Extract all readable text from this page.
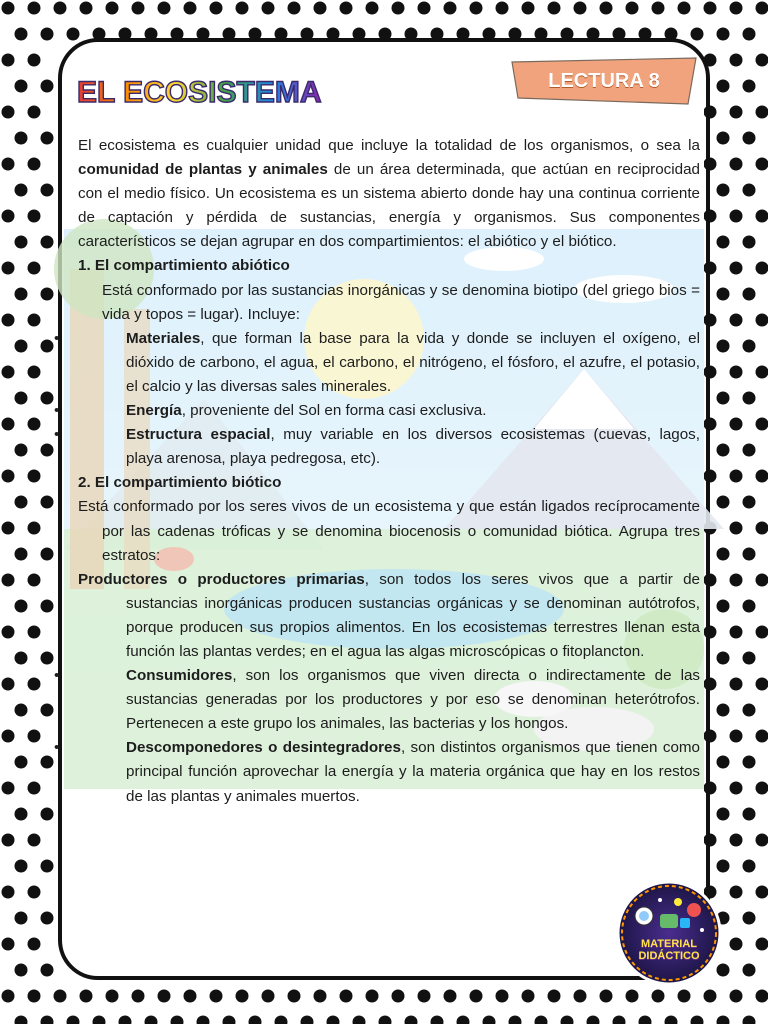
EL ECOSISTEMA	LECTURA 8

El ecosistema es cualquier unidad que incluye la totalidad de los organismos, o sea la comunidad de plantas y animales de un área determinada, que actúan en reciprocidad con el medio físico. Un ecosistema es un sistema abierto donde hay una continua corriente de captación y pérdida de sustancias, energía y organismos. Sus componentes característicos se dejan agrupar en dos compartimientos: el abiótico y el biótico.

1. El compartimiento abiótico

Está conformado por las sustancias inorgánicas y se denomina biotipo (del griego bios = vida y topos = lugar). Incluye:

•	Materiales, que forman la base para la vida y donde se incluyen el oxígeno, el dióxido de carbono, el agua, el carbono, el nitrógeno, el fósforo, el azufre, el potasio, el calcio y las diversas sales minerales.
•	Energía, proveniente del Sol en forma casi exclusiva.
•	Estructura espacial, muy variable en los diversos ecosistemas (cuevas, lagos, playa arenosa, playa pedregosa, etc).

2. El compartimiento biótico

Está conformado por los seres vivos de un ecosistema y que están ligados recíprocamente por las cadenas tróficas y se denomina biocenosis o comunidad biótica. Agrupa tres estratos:

Productores o productores primarias, son todos los seres vivos que a partir de sustancias inorgánicas producen sustancias orgánicas y se denominan autótrofos, porque producen sus propios alimentos. En los ecosistemas terrestres llenan esta función las plantas verdes; en el agua las algas microscópicas o fitoplancton.

•	Consumidores, son los organismos que viven directa o indirectamente de las sustancias generadas por los productores y por eso se denominan heterótrofos. Pertenecen a este grupo los animales, las bacterias y los hongos.
•	Descomponedores o desintegradores, son distintos organismos que tienen como principal función aprovechar la energía y la materia orgánica que hay en los restos de las plantas y animales muertos.
MATERIAL
DIDÁCTICO
